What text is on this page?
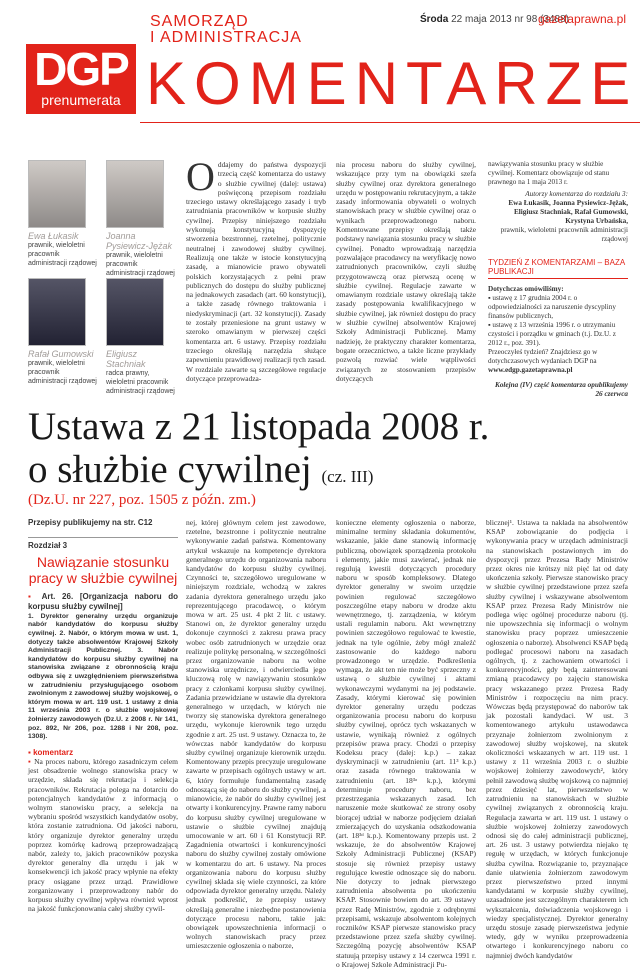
SAMORZĄD
I ADMINISTRACJA
Środa 22 maja 2013 nr 98 (3488)
gazetaprawna.pl
DGP
prenumerata KOMENTARZE
Ewa Łukasik
prawnik, wieloletni pracownik administracji rządowej
Joanna Pysiewicz-Jężak
prawnik, wieloletni pracownik administracji rządowej
Rafał Gumowski
prawnik, wieloletni pracownik administracji rządowej
Eligiusz Stachniak
radca prawny, wieloletni pracownik administracji rządowej
Oddajemy do państwa dyspozycji trzecią część komentarza do ustawy o służbie cywilnej (dalej: ustawa) poświęconą przepisom rozdziału trzeciego ustawy określającego zasady i tryb zatrudniania pracowników w korpusie służby cywilnej. Przepisy niniejszego rozdziału wykonują konstytucyjną dyspozycję stworzenia bezstronnej, rzetelnej, politycznie neutralnej i zawodowej służby cywilnej. Realizują one także w istocie konstytucyjną zasadę, a mianowicie prawo obywateli polskich korzystających z pełni praw publicznych do dostępu do służby publicznej na jednakowych zasadach (art. 60 konstytucji), a także zasadę równego traktowania i niedyskryminacji (art. 32 konstytucji). Zasady te zostały przeniesione na grunt ustawy w szeroko omawianym w pierwszej części komentarza art. 6 ustawy. Przepisy rozdziału trzeciego określają narzędzia służące zapewnieniu prawidłowej realizacji tych zasad. W rozdziale zawarte są szczegółowe regulacje dotyczące przeprowadza-
nia procesu naboru do służby cywilnej, wskazujące przy tym na obowiązki szefa służby cywilnej oraz dyrektora generalnego urzędu w postępowaniu rekrutacyjnym, a także zasady informowania obywateli o wolnych stanowiskach pracy w służbie cywilnej oraz o wynikach przeprowadzonego naboru. Komentowane przepisy określają także podstawy nawiązania stosunku pracy w służbie cywilnej. Ponadto wprowadzają narzędzia pozwalające pracodawcy na weryfikację nowo zatrudnionych pracowników, czyli służbę przygotowawczą oraz pierwszą ocenę w służbie cywilnej. Regulacje zawarte w omawianym rozdziale ustawy określają także zasady postępowania kwalifikacyjnego w służbie cywilnej, jak również dostępu do pracy w służbie cywilnej absolwentów Krajowej Szkoły Administracji Publicznej. Mamy nadzieję, że praktyczny charakter komentarza, bogate orzecznictwo, a także liczne przykłady pozwolą rozwiać wiele wątpliwości związanych ze stosowaniem przepisów dotyczących
nawiązywania stosunku pracy w służbie cywilnej. Komentarz obowiązuje od stanu prawnego na 1 maja 2013 r.
Autorzy komentarza do rozdziału 3:
Ewa Łukasik, Joanna Pysiewicz-Jężak, Eligiusz Stachniak, Rafał Gumowski, Krystyna Urbańska,
prawnik, wieloletni pracownik administracji rządowej
TYDZIEŃ Z KOMENTARZAMI – BAZA PUBLIKACJI
Dotychczas omówiliśmy:
▪ ustawę z 17 grudnia 2004 r. o odpowiedzialności za naruszenie dyscypliny finansów publicznych,
▪ ustawę z 13 września 1996 r. o utrzymaniu czystości i porządku w gminach (t.j. Dz.U. z 2012 r., poz. 391).
Przeoczyłeś tydzień? Znajdziesz go w dotychczasowych wydaniach DGP na
www.edgp.gazetaprawna.pl
Kolejna (IV) część komentarza opublikujemy 26 czerwca
Ustawa z 21 listopada 2008 r.
o służbie cywilnej (cz. III)
(Dz.U. nr 227, poz. 1505 z późn. zm.)
Przepisy publikujemy na str. C12
Rozdział 3
Nawiązanie stosunku pracy w służbie cywilnej
▪ Art. 26. [Organizacja naboru do korpusu służby cywilnej]
1. Dyrektor generalny urzędu organizuje nabór kandydatów do korpusu służby cywilnej. 2. Nabór, o którym mowa w ust. 1, dotyczy także absolwentów Krajowej Szkoły Administracji Publicznej. 3. Nabór kandydatów do korpusu służby cywilnej na stanowiska związane z obronnością kraju odbywa się z uwzględnieniem pierwszeństwa w zatrudnieniu przysługującego osobom zwolnionym z zawodowej służby wojskowej, o którym mowa w art. 119 ust. 1 ustawy z dnia 11 września 2003 r. o służbie wojskowej żołnierzy zawodowych (Dz.U. z 2008 r. Nr 141, poz. 892, Nr 206, poz. 1288 i Nr 208, poz. 1308).
▪ komentarz

▪ Na proces naboru, którego zasadniczym celem jest obsadzenie wolnego stanowiska pracy w urzędzie, składa się rekrutacja i selekcja pracowników. Rekrutacja polega na dotarciu do potencjalnych kandydatów z informacją o wolnym stanowisku pracy, a selekcja na wybraniu spośród wszystkich kandydatów osoby, która zostanie zatrudniona. Od jakości naboru, który organizuje dyrektor generalny urzędu poprzez komórkę kadrową przeprowadzającą nabór, zależy to, jakich pracowników pozyska dyrektor generalny dla urzędu i jak w konsekwencji ich jakość pracy wpłynie na efekty pracy osiągane przez urząd. Prawidłowe zorganizowany i przeprowadzony nabór do korpusu służby cywilnej wpływa również wprost na jakość funkcjonowania całej służby cywil-

nej, której głównym celem jest zawodowe, rzetelne, bezstronne i politycznie neutralne wykonywanie zadań państwa. Komentowany artykuł wskazuje na kompetencje dyrektora generalnego urzędu do organizowania naboru kandydatów do korpusu służby cywilnej. Czynności te, szczegółowo uregulowane w niniejszym rozdziale, wchodzą w zakres zadania dyrektora generalnego urzędu jako reprezentującego pracodawcę, o którym mowa w art. 25 ust. 4 pkt 2 lit. c ustawy. Stanowi on, że dyrektor generalny urzędu dokonuje czynności z zakresu prawa pracy wobec osób zatrudnionych w urzędzie oraz realizuje politykę personalną, w szczególności przez organizowanie naboru na wolne stanowiska urzędnicze, i odwierciedla jego kluczową rolę w nawiązywaniu stosunków pracy z członkami korpusu służby cywilnej. Zadania przewidziane w ustawie dla dyrektora generalnego w urzędach, w których nie tworzy się stanowiska dyrektora generalnego urzędu, wykonuje kierownik tego urzędu zgodnie z art. 25 ust. 9 ustawy. Oznacza to, że wówczas nabór kandydatów do korpusu służby cywilnej organizuje kierownik urzędu. Komentowany przepis precyzuje uregulowane zawarte w przepisach ogólnych ustawy w art. 6, który formułuje fundamentalną zasadę odnoszącą się do naboru do służby cywilnej, a mianowicie, że nabór do służby cywilnej jest otwarty i konkurencyjny. Prawne ramy naboru do korpusu służby cywilnej uregulowane w ustawie o służbie cywilnej znajdują umocowanie w art. 60 i 61 Konstytucji RP. Zagadnienia otwartości i konkurencyjności naboru do służby cywilnej zostały omówione w komentarzu do art. 6 ustawy. Na proces organizowania naboru do korpusu służby cywilnej składa się wiele czynności, za które odpowiada dyrektor generalny urzędu. Należy jednak podkreślić, że przepisy ustawy określają generalne i niezbędne postanowienia dotyczące procesu naboru, takie jak: obowiązek upowszechnienia informacji o wolnych stanowiskach pracy przez umieszczenie ogłoszenia o naborze,

konieczne elementy ogłoszenia o naborze, minimalne terminy składania dokumentów, wskazanie, jakie dane stanowią informację publiczną, obowiązek sporządzenia protokołu i elementy, jakie musi zawierać, jednak nie regulują kwestii dotyczących procedury naboru w sposób kompleksowy. Dlatego dyrektor generalny w swoim urzędzie powinien regulować szczegółowo poszczególne etapy naboru w drodze aktu wewnętrznego, tj. zarządzenia, w którym ustali regulamin naboru. Akt wewnętrzny powinien szczegółowo regulować te kwestie, jednak na tyle ogólnie, żeby mógł znaleźć zastosowanie do każdego naboru prowadzonego w urzędzie. Podkreślenia wymaga, że akt ten nie może być sprzeczny z ustawą o służbie cywilnej i aktami wykonawczymi wydanymi na jej podstawie. Zasady, którymi kierować się powinien dyrektor generalny urzędu podczas organizowania procesu naboru do korpusu służby cywilnej, oprócz tych wskazanych w ustawie, wynikają również z ogólnych przepisów prawa pracy. Chodzi o przepisy Kodeksu pracy (dalej: k.p.) – zakaz dyskryminacji w zatrudnieniu (art. 11³ k.p.) oraz zasada równego traktowania w zatrudnieniu (art. 18³ᵃ k.p.), którymi determinuje procedury naboru, bez przestrzegania wskazanych zasad. Ich naruszenie może skutkować ze strony osoby biorącej udział w naborze podjęciem działań zmierzających do uzyskania odszkodowania (art. 18³ᵈ k.p.). Komentowany przepis ust. 2 wskazuje, że do absolwentów Krajowej Szkoły Administracji Publicznej (KSAP) stosuje się również przepisy ustawy regulujące kwestie odnoszące się do naboru. Nie dotyczy to jednak pierwszego zatrudnienia absolwenta po ukończeniu KSAP. Stosownie bowiem do art. 39 ustawy przez Radę Ministrów, zgodnie z odrębnymi przepisami, wskazuje absolwentom kolejnych roczników KSAP pierwsze stanowisko pracy przedstawione przez szefa służby cywilnej. Szczególną pozycję absolwentów KSAP statuują przepisy ustawy z 14 czerwca 1991 r. o Krajowej Szkole Administracji Pu-

blicznej¹. Ustawa ta nakłada na absolwentów KSAP zobowiązanie do podjęcia i wykonywania pracy w urzędach administracji na stanowiskach postawionych im do dyspozycji przez Prezesa Rady Ministrów przez okres nie krótszy niż pięć lat od daty ukończenia szkoły. Pierwsze stanowisko pracy w służbie cywilnej przedstawione przez szefa służby cywilnej i wskazywane absolwentom KSAP przez Prezesa Rady Ministrów nie podlega więc ogólnej procedurze naboru (tj. nie upowszechnia się informacji o wolnym stanowisku pracy poprzez umieszczenie ogłoszenia o naborze). Absolwenci KSAP będą podlegać procesowi naboru na zasadach ogólnych, tj. z zachowaniem otwartości i konkurencyjności, gdy będą zainteresowani zmianą pracodawcy po zajęciu stanowiska pracy wskazanego przez Prezesa Rady Ministrów i rozpoczęciu na nim pracy. Wówczas będą przystępować do naborów tak jak pozostali kandydaci. W ust. 3 komentowanego artykułu ustawodawca przyznaje żołnierzom zwolnionym z zawodowej służby wojskowej, na skutek okoliczności wskazanych w art. 119 ust. 1 ustawy z 11 września 2003 r. o służbie wojskowej żołnierzy zawodowych², który pełnił zawodową służbę wojskową co najmniej przez dziesięć lat, pierwszeństwo w zatrudnieniu na stanowiskach w służbie cywilnej związanych z obronnością kraju. Regulacja zawarta w art. 119 ust. 1 ustawy o służbie wojskowej żołnierzy zawodowych odnosi się do całej administracji publicznej, art. 26 ust. 3 ustawy potwierdza niejako tę regułę w urzędach, w których funkcjonuje służba cywilna. Rozwiązanie to, przyznające danie ułatwienia żołnierzom zawodowym przez pierwszeństwo przed innymi kandydatami w korpusie służby cywilnej, uzasadnione jest szczególnym charakterem ich wykształcenia, doświadczenia wojskowego i wiedzy specjalistycznej. Dyrektor generalny urzędu stosuje zasadę pierwszeństwa jedynie wtedy, gdy w wyniku przeprowadzenia otwartego i konkurencyjnego naboru co najmniej dwóch kandydatów
